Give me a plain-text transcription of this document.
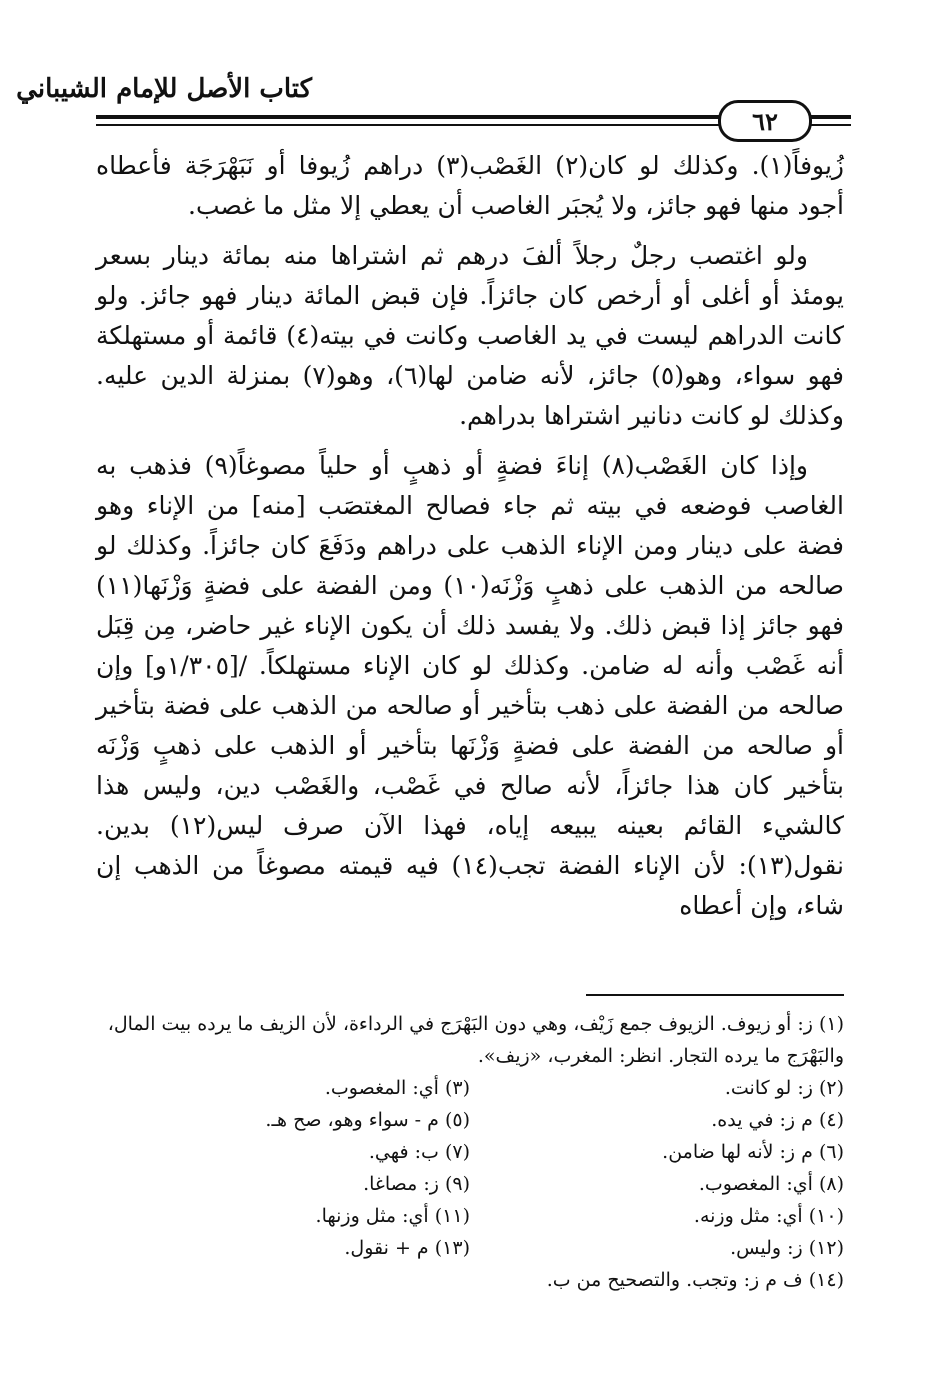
كتاب الأصل للإمام الشيباني
٦٢

زُيوفاً(١). وكذلك لو كان(٢) الغَصْب(٣) دراهم زُيوفا أو نَبَهْرَجَة فأعطاه أجود منها فهو جائز، ولا يُجبَر الغاصب أن يعطي إلا مثل ما غصب.

ولو اغتصب رجلٌ رجلاً ألفَ درهم ثم اشتراها منه بمائة دينار بسعر يومئذ أو أغلى أو أرخص كان جائزاً. فإن قبض المائة دينار فهو جائز. ولو كانت الدراهم ليست في يد الغاصب وكانت في بيته(٤) قائمة أو مستهلكة فهو سواء، وهو(٥) جائز، لأنه ضامن لها(٦)، وهو(٧) بمنزلة الدين عليه. وكذلك لو كانت دنانير اشتراها بدراهم.

وإذا كان الغَصْب(٨) إناءَ فضةٍ أو ذهبٍ أو حلياً مصوغاً(٩) فذهب به الغاصب فوضعه في بيته ثم جاء فصالح المغتصَب [منه] من الإناء وهو فضة على دينار ومن الإناء الذهب على دراهم ودَفَعَ كان جائزاً. وكذلك لو صالحه من الذهب على ذهبٍ وَزْنَه(١٠) ومن الفضة على فضةٍ وَزْنَها(١١) فهو جائز إذا قبض ذلك. ولا يفسد ذلك أن يكون الإناء غير حاضر، مِن قِبَل أنه غَصْب وأنه له ضامن. وكذلك لو كان الإناء مستهلكاً. /[١/٣٠٥و] وإن صالحه من الفضة على ذهب بتأخير أو صالحه من الذهب على فضة بتأخير أو صالحه من الفضة على فضةٍ وَزْنَها بتأخير أو الذهب على ذهبٍ وَزْنَه بتأخير كان هذا جائزاً، لأنه صالح في غَصْب، والغَصْب دين، وليس هذا كالشيء القائم بعينه يبيعه إياه، فهذا الآن صرف ليس(١٢) بدين. نقول(١٣): لأن الإناء الفضة تجب(١٤) فيه قيمته مصوغاً من الذهب إن شاء، وإن أعطاه

(١) ز: أو زيوف. الزيوف جمع زَيْف، وهي دون البَهْرَج في الرداءة، لأن الزيف ما يرده بيت المال، والبَهْرَج ما يرده التجار. انظر: المغرب، «زيف».
(٢) ز: لو كانت.
(٣) أي: المغصوب.
(٤) م ز: في يده.
(٥) م - سواء وهو، صح هـ.
(٦) م ز: لأنه لها ضامن.
(٧) ب: فهي.
(٨) أي: المغصوب.
(٩) ز: مصاغا.
(١٠) أي: مثل وزنه.
(١١) أي: مثل وزنها.
(١٢) ز: وليس.
(١٣) م + نقول.
(١٤) ف م ز: وتجب. والتصحيح من ب.
